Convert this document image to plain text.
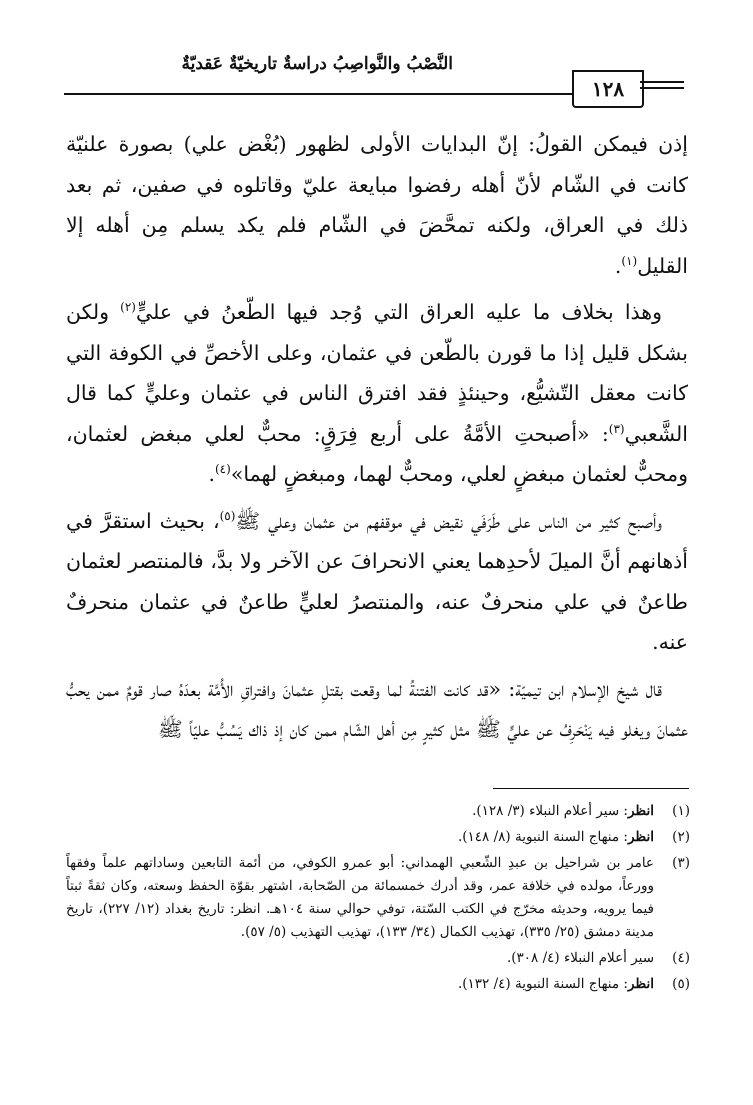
النَّصْبُ والنَّواصِبُ دراسةٌ تاريخيّةٌ عَقديّةٌ
١٢٨

إذن فيمكن القولُ: إنّ البدايات الأولى لظهور (بُغْض علي) بصورة علنيّة كانت في الشّام لأنّ أهله رفضوا مبايعة عليّ وقاتلوه في صفين، ثم بعد ذلك في العراق، ولكنه تمحَّضَ في الشّام فلم يكد يسلم مِن أهله إلا القليل$^{(١)}$.

وهذا بخلاف ما عليه العراق التي وُجد فيها الطّعنُ في عليٍّ$^{(٢)}$ ولكن بشكل قليل إذا ما قورن بالطّعن في عثمان، وعلى الأخصِّ في الكوفة التي كانت معقل التّشيُّع، وحينئذٍ فقد افترق الناس في عثمان وعليٍّ كما قال الشَّعبي$^{(٣)}$: «أصبحتِ الأمَّةُ على أربع فِرَقٍ: محبٌّ لعلي مبغض لعثمان، ومحبٌّ لعثمان مبغضٍ لعلي، ومحبٌّ لهما، ومبغضٍ لهما»$^{(٤)}$.

وأصبح كثير من الناس على طَرَفَي نقيض في موقفهم من عثمان وعلي ﷺ$^{(٥)}$، بحيث استقرَّ في أذهانهم أنَّ الميلَ لأحدِهما يعني الانحرافَ عن الآخر ولا بدَّ، فالمنتصر لعثمان طاعنٌ في علي منحرفٌ عنه، والمنتصرُ لعليٍّ طاعنٌ في عثمان منحرفٌ عنه.

قال شيخ الإسلام ابن تيميّة: «قد كانت الفتنةُ لما وقعت بقتلِ عثمانَ وافتراقِ الأُمَّة بعدَهُ صار قومٌ ممن يحبُّ عثمانَ ويغلو فيه يَنْحَرِفُ عن عليٍّ ﷺ مثل كثيرٍ مِن أهل الشّام ممن كان إذ ذاك يَسُبُّ عليّاً ﷺ

(١)
انظر: سير أعلام النبلاء (٣/ ١٢٨).
(٢)
انظر: منهاج السنة النبوية (٨/ ١٤٨).
(٣)
عامر بن شراحيل بن عبدِ الشّعبي الهمداني: أبو عمرو الكوفي، من أئمة التابعين وساداتهم علماً وفقهاً وورعاً، مولده في خلافة عمر، وقد أدرك خمسمائة من الصّحابة، اشتهر بقوّة الحفظ وسعته، وكان ثقةً ثبتاً فيما يرويه، وحديثه مخرّج في الكتب السّتة، توفي حوالي سنة ١٠٤هـ. انظر: تاريخ بغداد (١٢/ ٢٢٧)، تاريخ مدينة دمشق (٢٥/ ٣٣٥)، تهذيب الكمال (٣٤/ ١٣٣)، تهذيب التهذيب (٥/ ٥٧).
(٤)
سير أعلام النبلاء (٤/ ٣٠٨).
(٥)
انظر: منهاج السنة النبوية (٤/ ١٣٢).
